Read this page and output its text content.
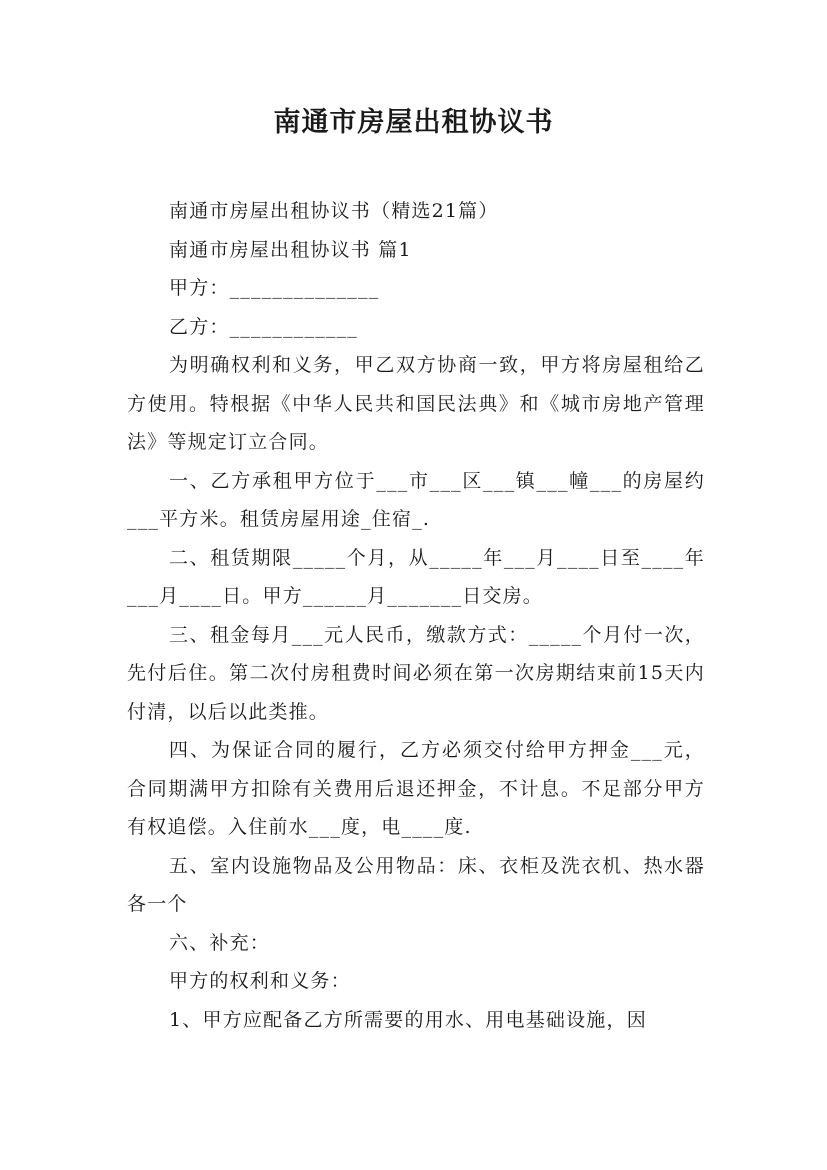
南通市房屋出租协议书

南通市房屋出租协议书（精选21篇）

南通市房屋出租协议书 篇1

甲方：______________

乙方：____________

为明确权利和义务，甲乙双方协商一致，甲方将房屋租给乙方使用。特根据《中华人民共和国民法典》和《城市房地产管理法》等规定订立合同。

一、乙方承租甲方位于___市___区___镇___幢___的房屋约___平方米。租赁房屋用途_住宿_.

二、租赁期限_____个月，从_____年___月____日至____年___月____日。甲方______月_______日交房。

三、租金每月___元人民币，缴款方式：_____个月付一次，先付后住。第二次付房租费时间必须在第一次房期结束前15天内付清，以后以此类推。

四、为保证合同的履行，乙方必须交付给甲方押金___元，合同期满甲方扣除有关费用后退还押金，不计息。不足部分甲方有权追偿。入住前水___度，电____度.

五、室内设施物品及公用物品：床、衣柜及洗衣机、热水器各一个

六、补充：

甲方的权利和义务：

1、甲方应配备乙方所需要的用水、用电基础设施，因
